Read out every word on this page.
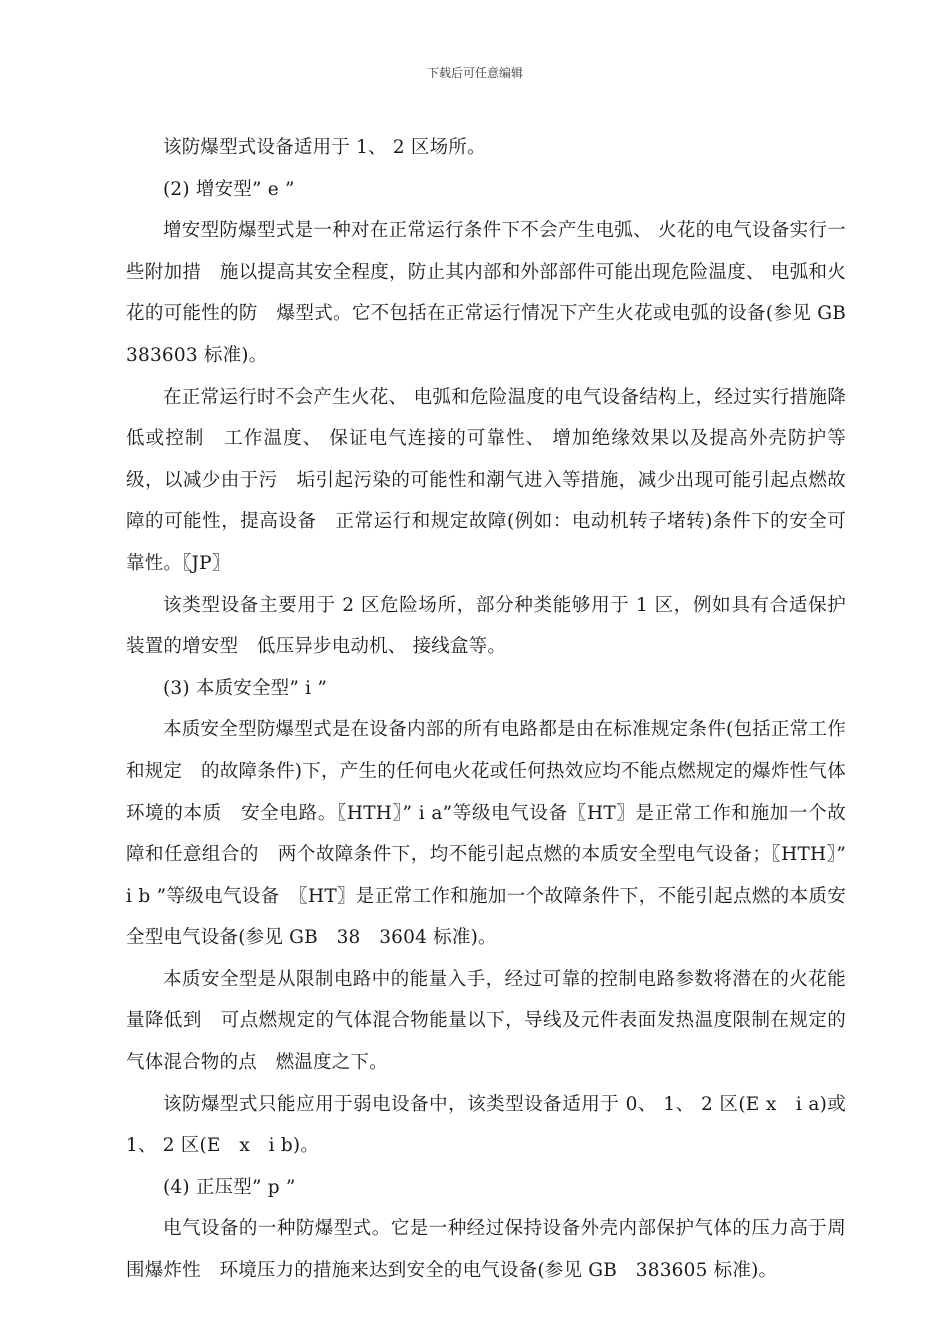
下载后可任意编辑

该防爆型式设备适用于 1、 2 区场所。

(2) 增安型” e ”

增安型防爆型式是一种对在正常运行条件下不会产生电弧、 火花的电气设备实行一些附加措　施以提高其安全程度，防止其内部和外部部件可能出现危险温度、 电弧和火花的可能性的防　爆型式。它不包括在正常运行情况下产生火花或电弧的设备(参见 GB　383603 标准)。

在正常运行时不会产生火花、 电弧和危险温度的电气设备结构上，经过实行措施降低或控制　工作温度、 保证电气连接的可靠性、 增加绝缘效果以及提高外壳防护等级，以减少由于污　垢引起污染的可能性和潮气进入等措施，减少出现可能引起点燃故障的可能性，提高设备　正常运行和规定故障(例如：电动机转子堵转)条件下的安全可靠性。〖JP〗

该类型设备主要用于 2 区危险场所，部分种类能够用于 1 区，例如具有合适保护装置的增安型　低压异步电动机、 接线盒等。

(3) 本质安全型” i ”

本质安全型防爆型式是在设备内部的所有电路都是由在标准规定条件(包括正常工作和规定　的故障条件)下，产生的任何电火花或任何热效应均不能点燃规定的爆炸性气体环境的本质　安全电路。〖HTH〗” i a”等级电气设备〖HT〗是正常工作和施加一个故障和任意组合的　两个故障条件下，均不能引起点燃的本质安全型电气设备；〖HTH〗” i b ”等级电气设备　〖HT〗是正常工作和施加一个故障条件下，不能引起点燃的本质安全型电气设备(参见 GB　38　3604 标准)。

本质安全型是从限制电路中的能量入手，经过可靠的控制电路参数将潜在的火花能量降低到　可点燃规定的气体混合物能量以下，导线及元件表面发热温度限制在规定的气体混合物的点　燃温度之下。

该防爆型式只能应用于弱电设备中，该类型设备适用于 0、 1、 2 区(E x　i a)或 1、 2 区(E　x　i b)。

(4) 正压型” p ”

电气设备的一种防爆型式。它是一种经过保持设备外壳内部保护气体的压力高于周围爆炸性　环境压力的措施来达到安全的电气设备(参见 GB　383605 标准)。
